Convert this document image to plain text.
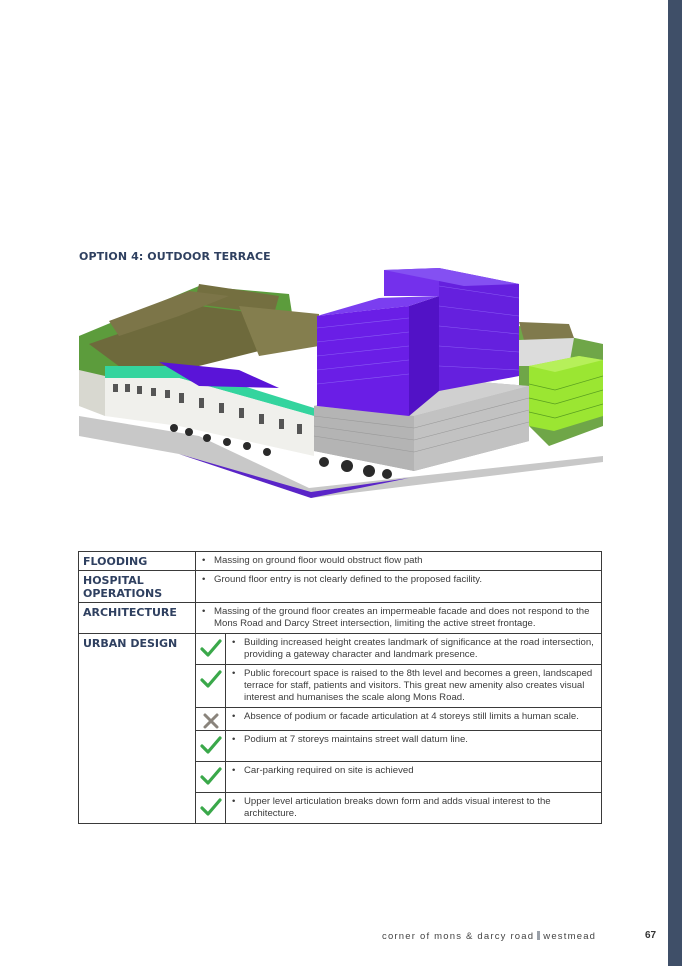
OPTION 4: OUTDOOR TERRACE
FLOODING	• Massing on ground floor would obstruct flow path	

HOSPITAL OPERATIONS	• Ground floor entry is not clearly defined to the proposed facility.	

ARCHITECTURE	• Massing of the ground floor creates an impermeable facade and does not respond to the Mons Road and Darcy Street intersection, limiting the active street frontage.	

URBAN DESIGN		• Building increased height creates landmark of significance at the road intersection, providing a gateway character and landmark presence.

• Public forecourt space is raised to the 8th level and becomes a green, landscaped terrace for staff, patients and visitors. This great new amenity also creates visual interest and humanises the scale along Mons Road.

• Absence of podium or facade articulation at 4 storeys still limits a human scale.

• Podium at 7 storeys maintains street wall datum line.

• Car-parking required on site is achieved

• Upper level articulation breaks down form and adds visual interest to the architecture.
corner of mons & darcy road westmead	67
